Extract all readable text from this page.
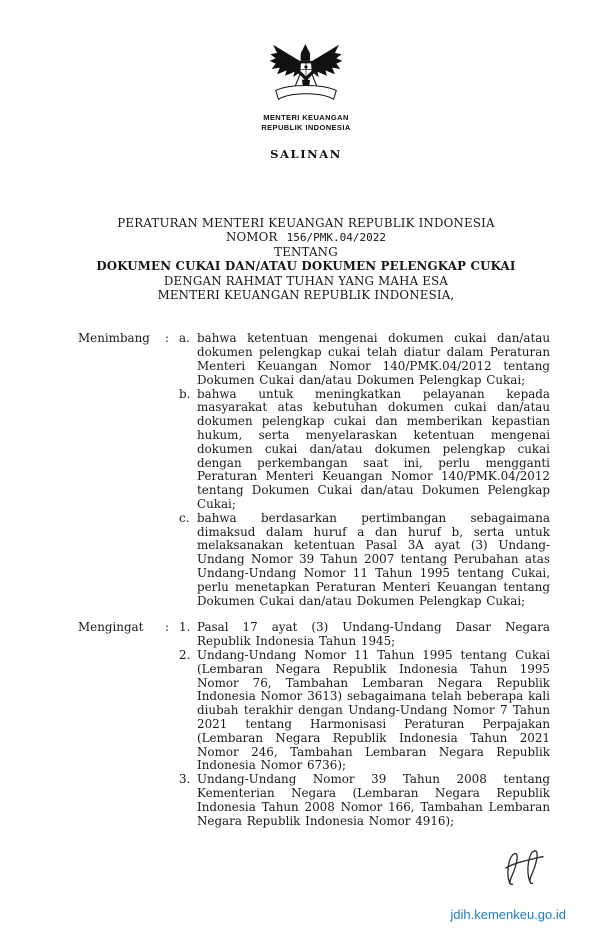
MENTERI KEUANGAN
REPUBLIK INDONESIA
SALINAN
PERATURAN MENTERI KEUANGAN REPUBLIK INDONESIA
NOMOR 156/PMK.04/2022
TENTANG
DOKUMEN CUKAI DAN/ATAU DOKUMEN PELENGKAP CUKAI
DENGAN RAHMAT TUHAN YANG MAHA ESA
MENTERI KEUANGAN REPUBLIK INDONESIA,
Menimbang	: a. bahwa ketentuan mengenai dokumen cukai dan/atau dokumen pelengkap cukai telah diatur dalam Peraturan Menteri Keuangan Nomor 140/PMK.04/2012 tentang Dokumen Cukai dan/atau Dokumen Pelengkap Cukai;
b. bahwa untuk meningkatkan pelayanan kepada masyarakat atas kebutuhan dokumen cukai dan/atau dokumen pelengkap cukai dan memberikan kepastian hukum, serta menyelaraskan ketentuan mengenai dokumen cukai dan/atau dokumen pelengkap cukai dengan perkembangan saat ini, perlu mengganti Peraturan Menteri Keuangan Nomor 140/PMK.04/2012 tentang Dokumen Cukai dan/atau Dokumen Pelengkap Cukai;
c. bahwa berdasarkan pertimbangan sebagaimana dimaksud dalam huruf a dan huruf b, serta untuk melaksanakan ketentuan Pasal 3A ayat (3) Undang-Undang Nomor 39 Tahun 2007 tentang Perubahan atas Undang-Undang Nomor 11 Tahun 1995 tentang Cukai, perlu menetapkan Peraturan Menteri Keuangan tentang Dokumen Cukai dan/atau Dokumen Pelengkap Cukai;
Mengingat	: 1. Pasal 17 ayat (3) Undang-Undang Dasar Negara Republik Indonesia Tahun 1945;
2. Undang-Undang Nomor 11 Tahun 1995 tentang Cukai (Lembaran Negara Republik Indonesia Tahun 1995 Nomor 76, Tambahan Lembaran Negara Republik Indonesia Nomor 3613) sebagaimana telah beberapa kali diubah terakhir dengan Undang-Undang Nomor 7 Tahun 2021 tentang Harmonisasi Peraturan Perpajakan (Lembaran Negara Republik Indonesia Tahun 2021 Nomor 246, Tambahan Lembaran Negara Republik Indonesia Nomor 6736);
3. Undang-Undang Nomor 39 Tahun 2008 tentang Kementerian Negara (Lembaran Negara Republik Indonesia Tahun 2008 Nomor 166, Tambahan Lembaran Negara Republik Indonesia Nomor 4916);
jdih.kemenkeu.go.id
